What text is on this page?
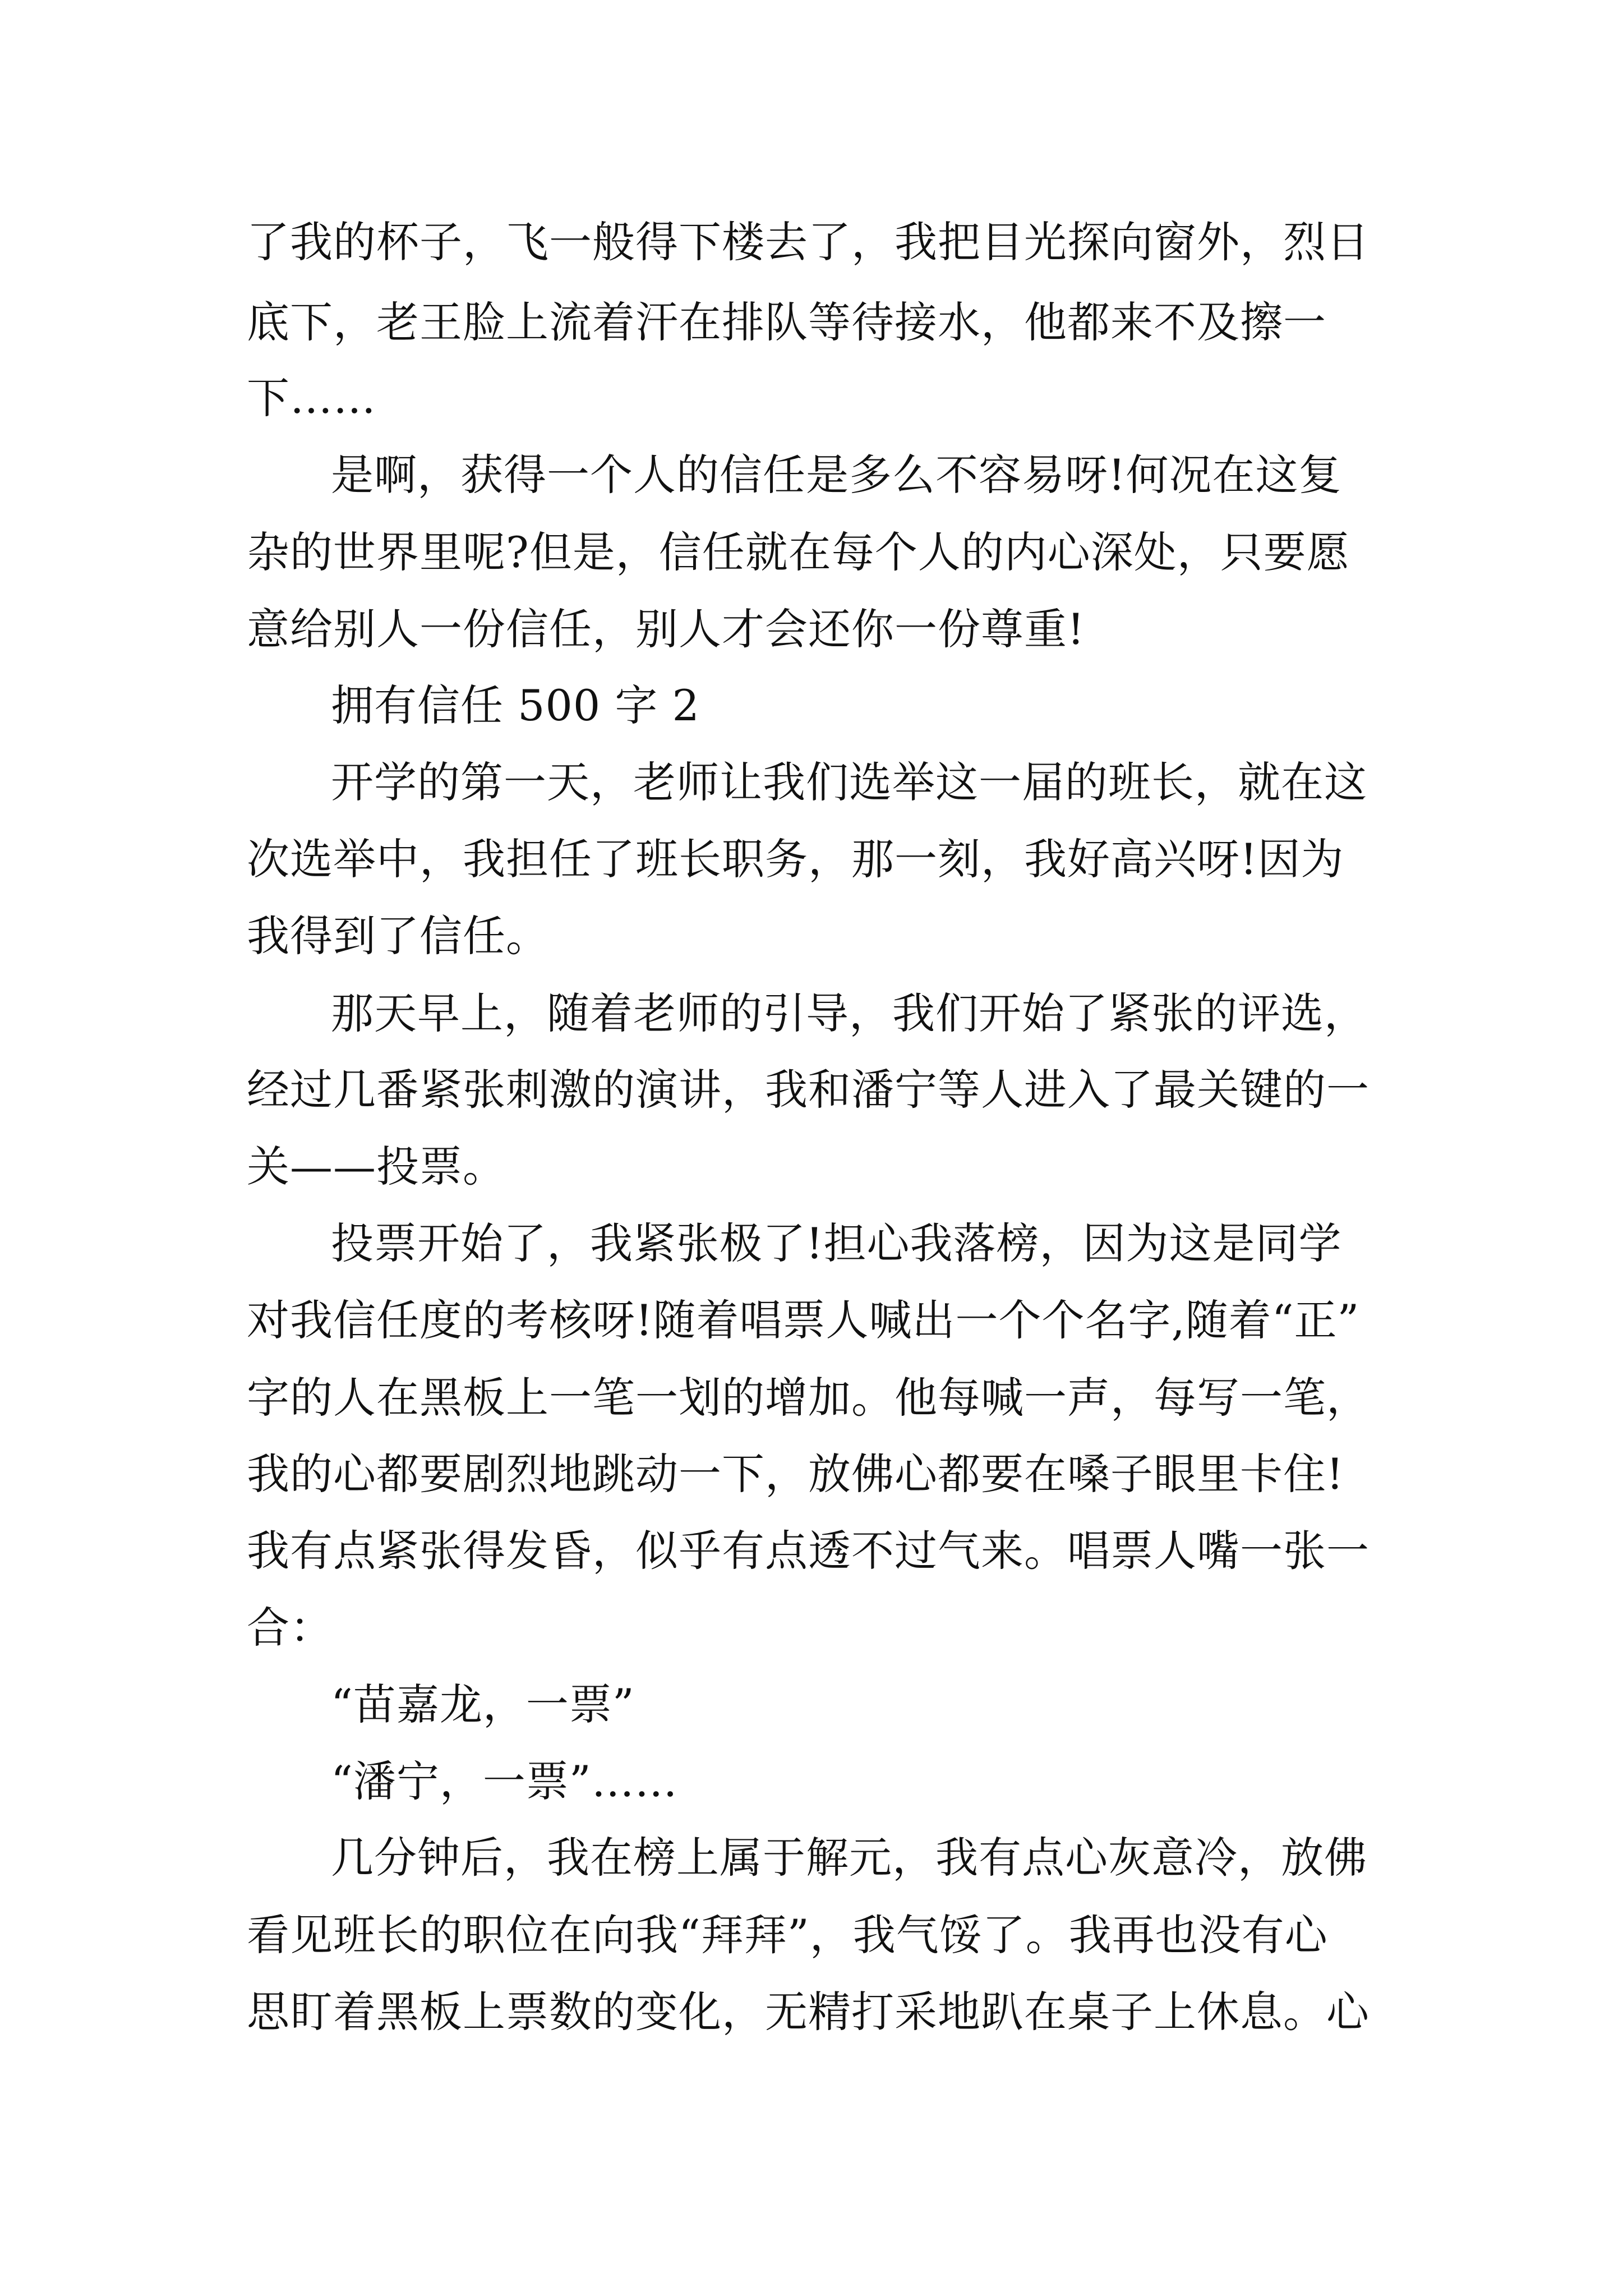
了我的杯子，飞一般得下楼去了，我把目光探向窗外，烈日

底下，老王脸上流着汗在排队等待接水，他都来不及擦一

下……

是啊，获得一个人的信任是多么不容易呀!何况在这复

杂的世界里呢?但是，信任就在每个人的内心深处，只要愿

意给别人一份信任，别人才会还你一份尊重!

拥有信任 500 字 2

开学的第一天，老师让我们选举这一届的班长，就在这

次选举中，我担任了班长职务，那一刻，我好高兴呀!因为

我得到了信任。

那天早上，随着老师的引导，我们开始了紧张的评选，

经过几番紧张刺激的演讲，我和潘宁等人进入了最关键的一

关——投票。

投票开始了，我紧张极了!担心我落榜，因为这是同学

对我信任度的考核呀!随着唱票人喊出一个个名字,随着“正”

字的人在黑板上一笔一划的增加。他每喊一声，每写一笔，

我的心都要剧烈地跳动一下，放佛心都要在嗓子眼里卡住!

我有点紧张得发昏，似乎有点透不过气来。唱票人嘴一张一

合：

“苗嘉龙，一票”

“潘宁，一票”……

几分钟后，我在榜上属于解元，我有点心灰意冷，放佛

看见班长的职位在向我“拜拜”，我气馁了。我再也没有心

思盯着黑板上票数的变化，无精打采地趴在桌子上休息。心
